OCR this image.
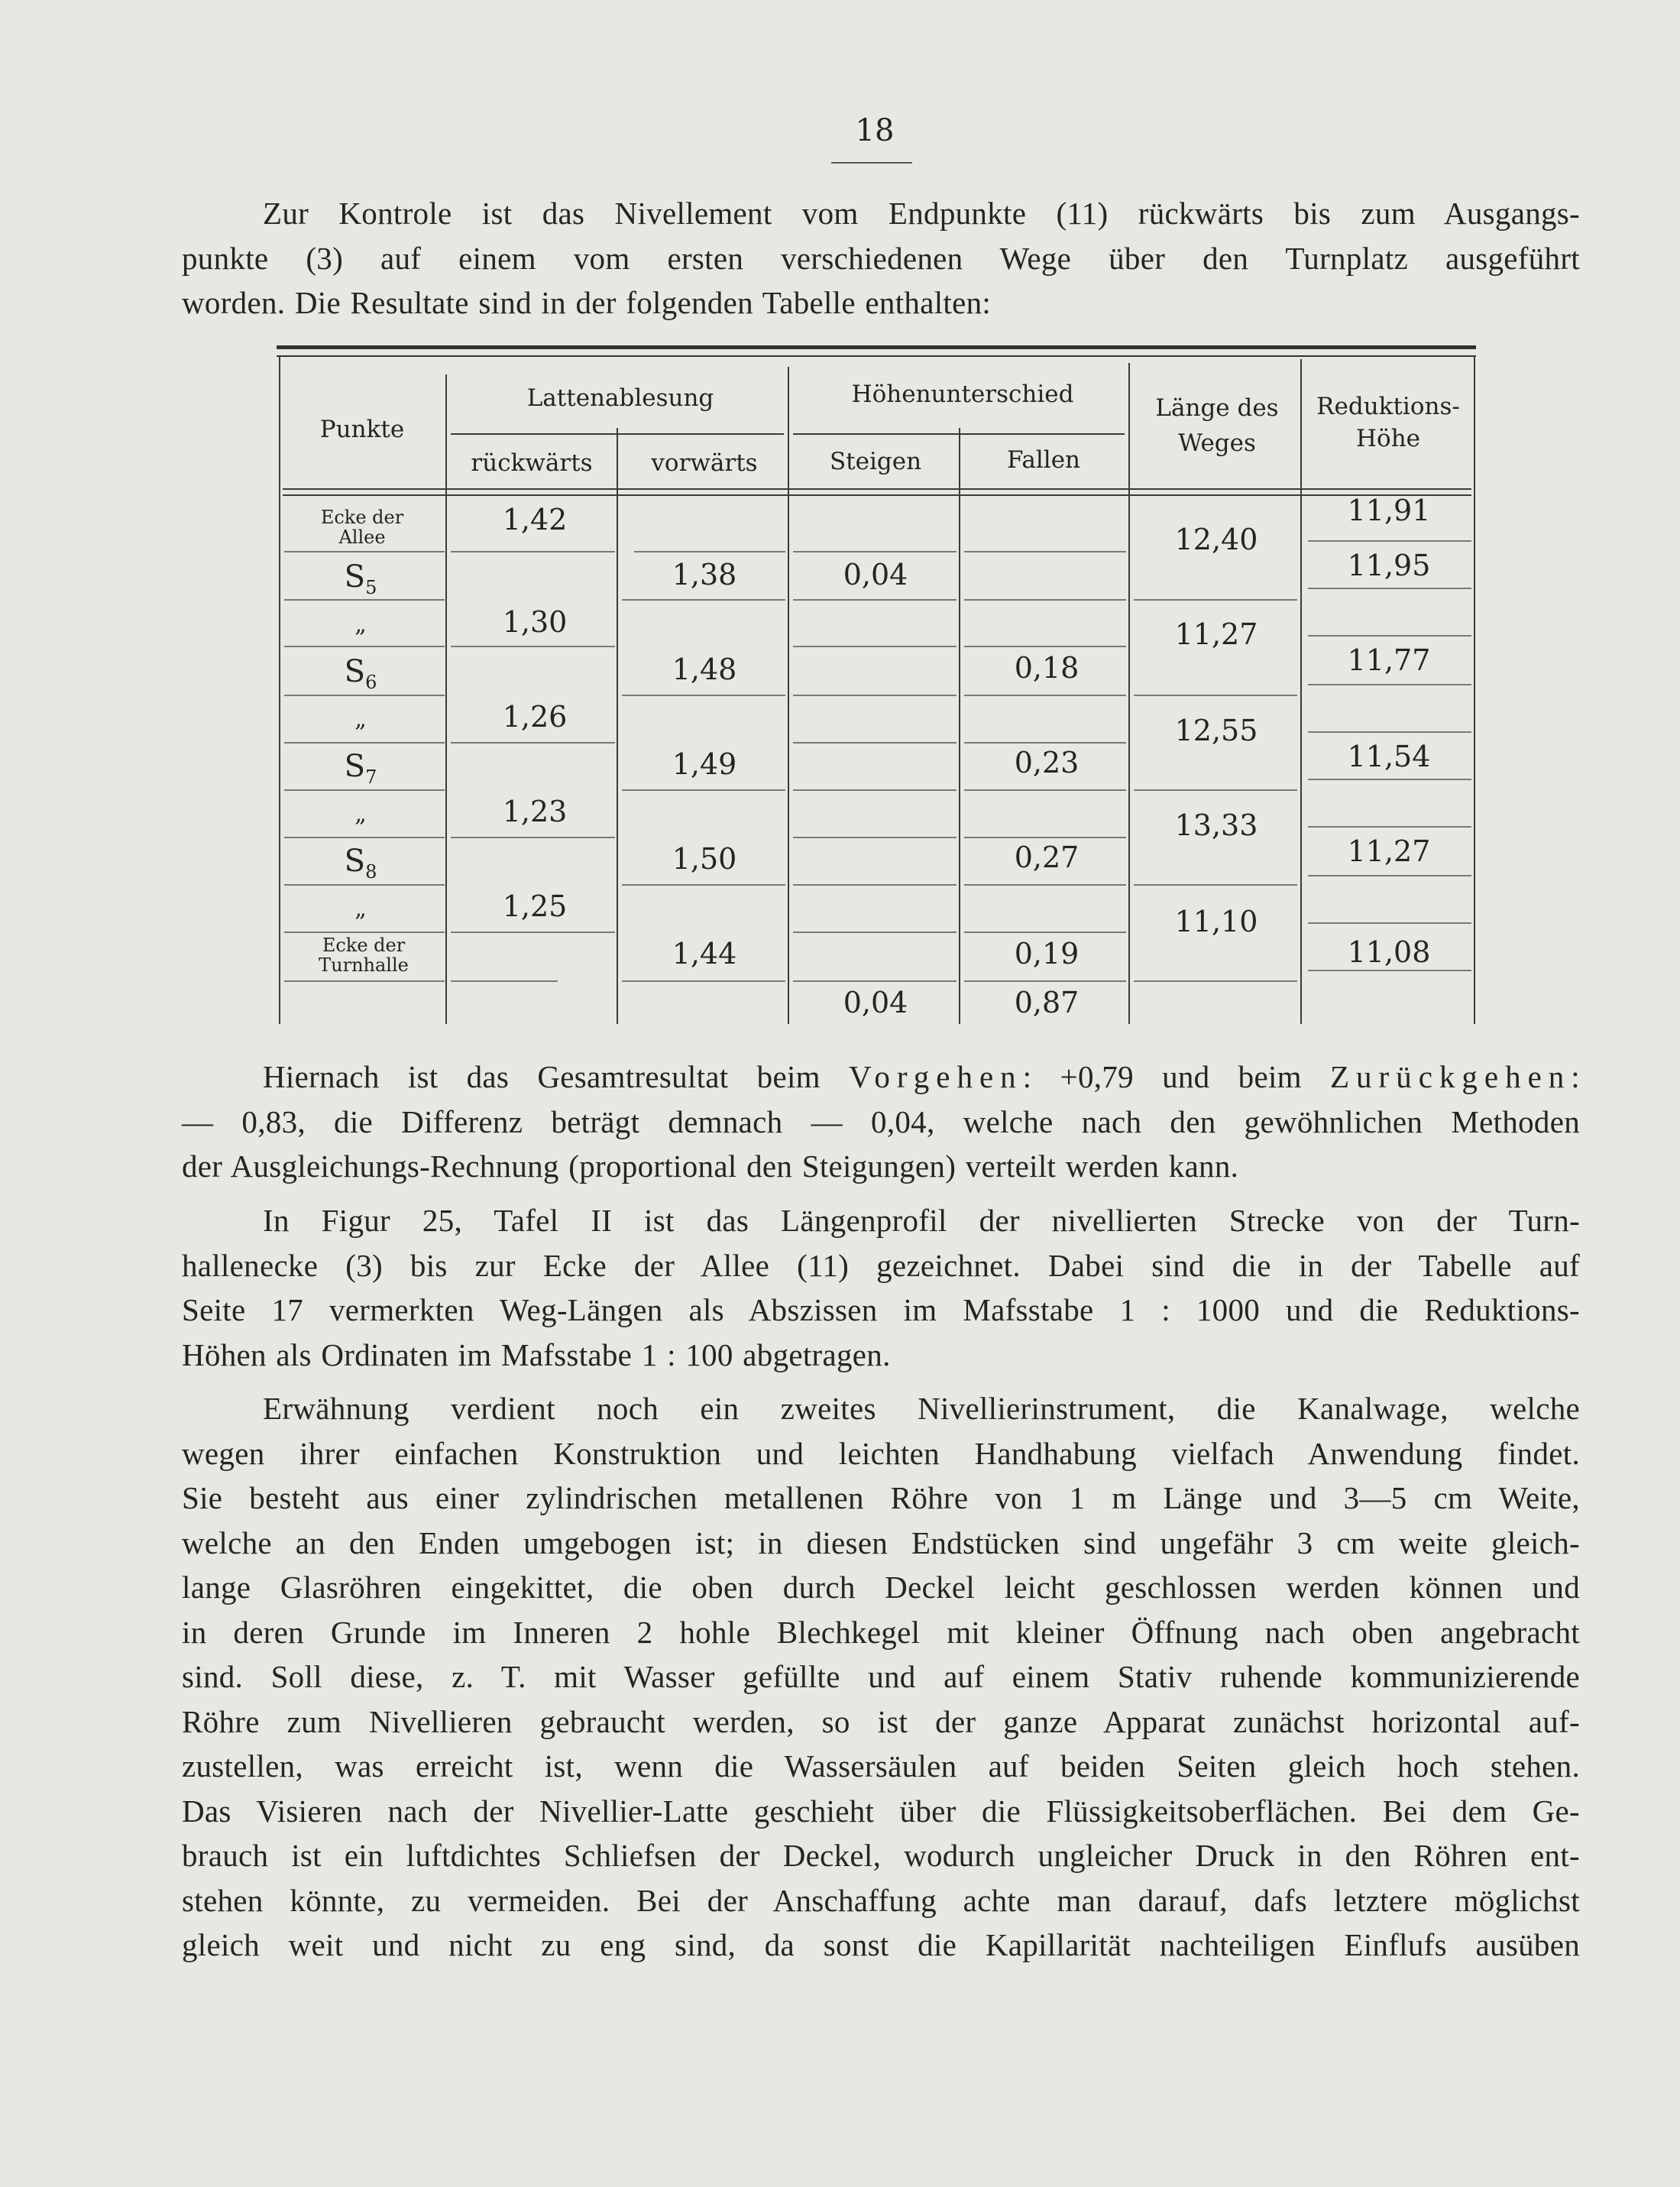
18
Zur Kontrole ist das Nivellement vom Endpunkte (11) rückwärts bis zum Ausgangs-
punkte (3) auf einem vom ersten verschiedenen Wege über den Turnplatz ausgeführt
worden. Die Resultate sind in der folgenden Tabelle enthalten:
Punkte
Lattenablesung
rückwärts vorwärts
Höhenunterschied
Steigen	Fallen
Länge des
Weges
Reduktions-
Höhe
Ecke der
Allee
$S_5$
„
$S_6$
„
$S_7$
„
$S_8$
„
Ecke der
Turnhalle
1,42
1,30
1,26
1,23
1,25
1,38
1,48
1,49
1,50
1,44
0,04
0,04
0,18
0,23
0,27
0,19
0,87
12,40
11,27
12,55
13,33
11,10
11,91
11,95
11,77
11,54
11,27
11,08
Hiernach ist das Gesamtresultat beim Vorgehen: +0,79 und beim Zurückgehen:
— 0,83, die Differenz beträgt demnach — 0,04, welche nach den gewöhnlichen Methoden
der Ausgleichungs-Rechnung (proportional den Steigungen) verteilt werden kann.
In Figur 25, Tafel II ist das Längenprofil der nivellierten Strecke von der Turn-
hallenecke (3) bis zur Ecke der Allee (11) gezeichnet. Dabei sind die in der Tabelle auf
Seite 17 vermerkten Weg-Längen als Abszissen im Mafsstabe 1 : 1000 und die Reduktions-
Höhen als Ordinaten im Mafsstabe 1 : 100 abgetragen.
Erwähnung verdient noch ein zweites Nivellierinstrument, die Kanalwage, welche
wegen ihrer einfachen Konstruktion und leichten Handhabung vielfach Anwendung findet.
Sie besteht aus einer zylindrischen metallenen Röhre von 1 m Länge und 3—5 cm Weite,
welche an den Enden umgebogen ist; in diesen Endstücken sind ungefähr 3 cm weite gleich-
lange Glasröhren eingekittet, die oben durch Deckel leicht geschlossen werden können und
in deren Grunde im Inneren 2 hohle Blechkegel mit kleiner Öffnung nach oben angebracht
sind. Soll diese, z. T. mit Wasser gefüllte und auf einem Stativ ruhende kommunizierende
Röhre zum Nivellieren gebraucht werden, so ist der ganze Apparat zunächst horizontal auf-
zustellen, was erreicht ist, wenn die Wassersäulen auf beiden Seiten gleich hoch stehen.
Das Visieren nach der Nivellier-Latte geschieht über die Flüssigkeitsoberflächen. Bei dem Ge-
brauch ist ein luftdichtes Schliefsen der Deckel, wodurch ungleicher Druck in den Röhren ent-
stehen könnte, zu vermeiden. Bei der Anschaffung achte man darauf, dafs letztere möglichst
gleich weit und nicht zu eng sind, da sonst die Kapillarität nachteiligen Einflufs ausüben
